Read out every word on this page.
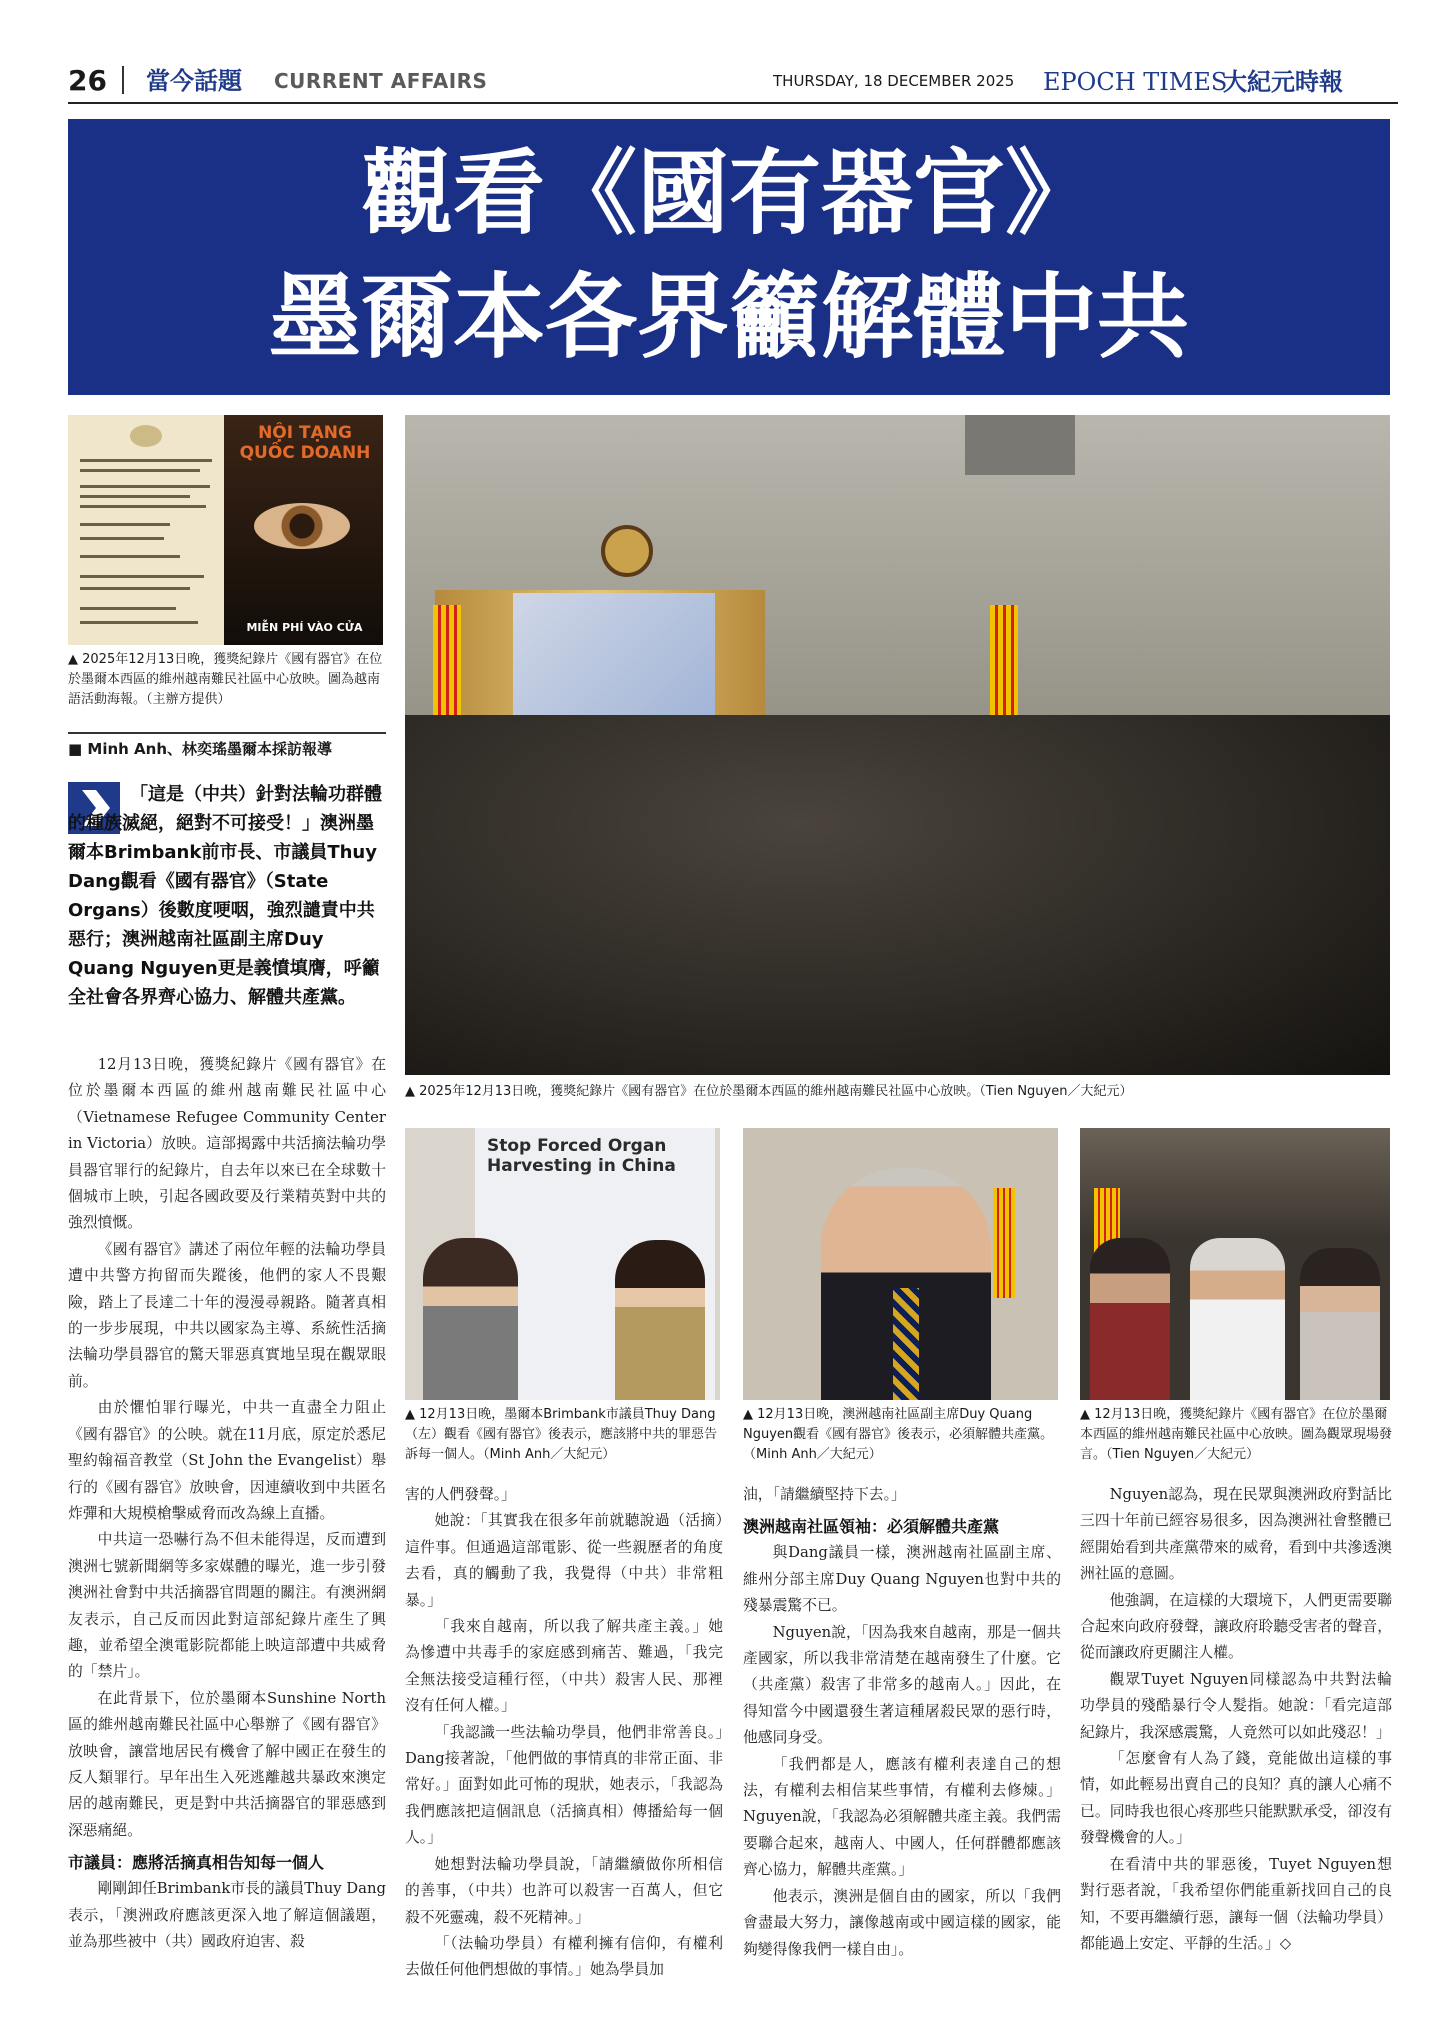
26 當今話題 CURRENT AFFAIRS	THURSDAY, 18 DECEMBER 2025 EPOCH TIMES
大紀元時報
觀看《國有器官》
墨爾本各界籲解體中共
NỘI TẠNG QUỐC DOANH
MIỄN PHÍ VÀO CỬA
▲ 2025年12月13日晚，獲獎紀錄片《國有器官》在位於墨爾本西區的維州越南難民社區中心放映。圖為越南語活動海報。（主辦方提供）
■ Minh Anh、林奕瑤墨爾本採訪報導
「這是（中共）針對法輪功群體的種族滅絕，絕對不可接受！」澳洲墨爾本Brimbank前市長、市議員Thuy Dang觀看《國有器官》（State Organs）後數度哽咽，強烈譴責中共惡行；澳洲越南社區副主席Duy Quang Nguyen更是義憤填膺，呼籲全社會各界齊心協力、解體共產黨。
▲ 2025年12月13日晚，獲獎紀錄片《國有器官》在位於墨爾本西區的維州越南難民社區中心放映。（Tien Nguyen／大紀元）
Stop Forced Organ Harvesting in China
▲ 12月13日晚，墨爾本Brimbank市議員Thuy Dang（左）觀看《國有器官》後表示，應該將中共的罪惡告訴每一個人。（Minh Anh／大紀元）
▲ 12月13日晚，澳洲越南社區副主席Duy Quang Nguyen觀看《國有器官》後表示，必須解體共產黨。（Minh Anh／大紀元）
▲ 12月13日晚，獲獎紀錄片《國有器官》在位於墨爾本西區的維州越南難民社區中心放映。圖為觀眾現場發言。（Tien Nguyen／大紀元）

12月13日晚，獲獎紀錄片《國有器官》在位於墨爾本西區的維州越南難民社區中心（Vietnamese Refugee Community Center in Victoria）放映。這部揭露中共活摘法輪功學員器官罪行的紀錄片，自去年以來已在全球數十個城市上映，引起各國政要及行業精英對中共的強烈憤慨。

《國有器官》講述了兩位年輕的法輪功學員遭中共警方拘留而失蹤後，他們的家人不畏艱險，踏上了長達二十年的漫漫尋親路。隨著真相的一步步展現，中共以國家為主導、系統性活摘法輪功學員器官的驚天罪惡真實地呈現在觀眾眼前。

由於懼怕罪行曝光，中共一直盡全力阻止《國有器官》的公映。就在11月底，原定於悉尼聖約翰福音教堂（St John the Evangelist）舉行的《國有器官》放映會，因連續收到中共匿名炸彈和大規模槍擊威脅而改為線上直播。

中共這一恐嚇行為不但未能得逞，反而遭到澳洲七號新聞網等多家媒體的曝光，進一步引發澳洲社會對中共活摘器官問題的關注。有澳洲網友表示，自己反而因此對這部紀錄片產生了興趣，並希望全澳電影院都能上映這部遭中共威脅的「禁片」。

在此背景下，位於墨爾本Sunshine North區的維州越南難民社區中心舉辦了《國有器官》放映會，讓當地居民有機會了解中國正在發生的反人類罪行。早年出生入死逃離越共暴政來澳定居的越南難民，更是對中共活摘器官的罪惡感到深惡痛絕。

市議員：應將活摘真相告知每一個人

剛剛卸任Brimbank市長的議員Thuy Dang表示，「澳洲政府應該更深入地了解這個議題，並為那些被中（共）國政府迫害、殺

害的人們發聲。」

她說：「其實我在很多年前就聽說過（活摘）這件事。但通過這部電影、從一些親歷者的角度去看，真的觸動了我，我覺得（中共）非常粗暴。」

「我來自越南，所以我了解共產主義。」她為慘遭中共毒手的家庭感到痛苦、難過，「我完全無法接受這種行徑，（中共）殺害人民、那裡沒有任何人權。」

「我認識一些法輪功學員，他們非常善良。」Dang接著說，「他們做的事情真的非常正面、非常好。」面對如此可怖的現狀，她表示，「我認為我們應該把這個訊息（活摘真相）傳播給每一個人。」

她想對法輪功學員說，「請繼續做你所相信的善事，（中共）也許可以殺害一百萬人，但它殺不死靈魂，殺不死精神。」

「（法輪功學員）有權利擁有信仰，有權利去做任何他們想做的事情。」她為學員加

油，「請繼續堅持下去。」

澳洲越南社區領袖：必須解體共產黨

與Dang議員一樣，澳洲越南社區副主席、維州分部主席Duy Quang Nguyen也對中共的殘暴震驚不已。

Nguyen說，「因為我來自越南，那是一個共產國家，所以我非常清楚在越南發生了什麼。它（共產黨）殺害了非常多的越南人。」因此，在得知當今中國還發生著這種屠殺民眾的惡行時，他感同身受。

「我們都是人，應該有權利表達自己的想法，有權利去相信某些事情，有權利去修煉。」Nguyen說，「我認為必須解體共產主義。我們需要聯合起來，越南人、中國人，任何群體都應該齊心協力，解體共產黨。」

他表示，澳洲是個自由的國家，所以「我們會盡最大努力，讓像越南或中國這樣的國家，能夠變得像我們一樣自由」。

Nguyen認為，現在民眾與澳洲政府對話比三四十年前已經容易很多，因為澳洲社會整體已經開始看到共產黨帶來的威脅，看到中共滲透澳洲社區的意圖。

他強調，在這樣的大環境下，人們更需要聯合起來向政府發聲，讓政府聆聽受害者的聲音，從而讓政府更關注人權。

觀眾Tuyet Nguyen同樣認為中共對法輪功學員的殘酷暴行令人髮指。她說：「看完這部紀錄片，我深感震驚，人竟然可以如此殘忍！」

「怎麼會有人為了錢，竟能做出這樣的事情，如此輕易出賣自己的良知？真的讓人心痛不已。同時我也很心疼那些只能默默承受，卻沒有發聲機會的人。」

在看清中共的罪惡後，Tuyet Nguyen想對行惡者說，「我希望你們能重新找回自己的良知，不要再繼續行惡，讓每一個（法輪功學員）都能過上安定、平靜的生活。」◇
